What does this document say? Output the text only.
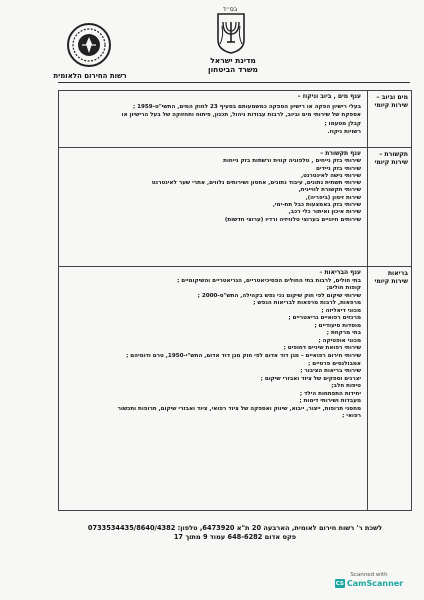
בס״ד
מדינת ישראל
משרד הביטחון
רשות החירום הלאומית
מים וביוב – שירות קיומי
ענף מים , ביוב וניקוז –
בעלי רישיון הפקה או רישיון הספקה כמשמעותם בסעיף 23 לחוק המים, התשי"ט-1959 ;
אספקת של שירותי מים וביוב, לרבות עבודות ניהול, תכנון, פיתוח ותחזוקה של בעל הרישיון או
קבלן מטעמו ;
רשויות ניקוז.
תקשורת – שירות קיומי
ענף תקשורת –
שירותי בזק נייחים , טלפוניה קווית ורשתות בזק נייחות
שירותי בזק ניידים
שירותי גישה לאינטרנט,
שירותי תשתית נתונים, עיבוד נתונים, אחסון ושירותים נלווים, אתרי שער לאינטרנט
שירותי תקשורת לוויינית,
שירות זימון (ביפריה),
שירותי בזק באמצעות כבל תת-ימי,
שירות איכון ואיתור כלי רכב,
שירותים חיוניים בערוצי טלוויזיה ורדיו (ערוצי חדשות)
בריאות שירות קיומי
ענף הבריאות –
בתי חולים, לרבות בתי החולים הפסיכיאטריים, הגריאטריים והשיקומיים ;
קופות חולים;
שירותי שיקום לפי חוק שיקום נכי נפש בקהילה, התש"ס-2000 ;
מרפאות, לרבות מרפאות לבריאות הנפש ;
מכוני דיאליזה ;
מרכזים רפואיים גריאטריים ;
מוסדות סיעודיים ;
בתי מרקחת ;
מכוני אופטיקה ;
שירותי רפואת שיניים דחופים ;
שירותי חירום רפואיים – מגן דוד אדום לפי חוק מגן דוד אדום, התש"י-1950, טרם ודומיהם ;
אמבולנסים פרטיים ;
שירותי בריאות הציבור ;
יצרנים וספקים של ציוד ואבזרי שיקום ;
טיפות חלב;
יחידות התפתחות הילד ;
מעבדות ושירותי דימות ;
מחסני תרופות, ייצור, ייבוא, שיווק ואספקה של ציוד רפואי, ציוד ואבזרי שיקום, תרופות ותכשור
רפואי ;
לשכת ר' רשות חירום לאומית, הארבעה 20 ת"א 6473920, טלפון: 0733534435/8640/4382
פקס אדום 648-6282 עמוד 9 מתוך 17
Scanned with
CS CamScanner
